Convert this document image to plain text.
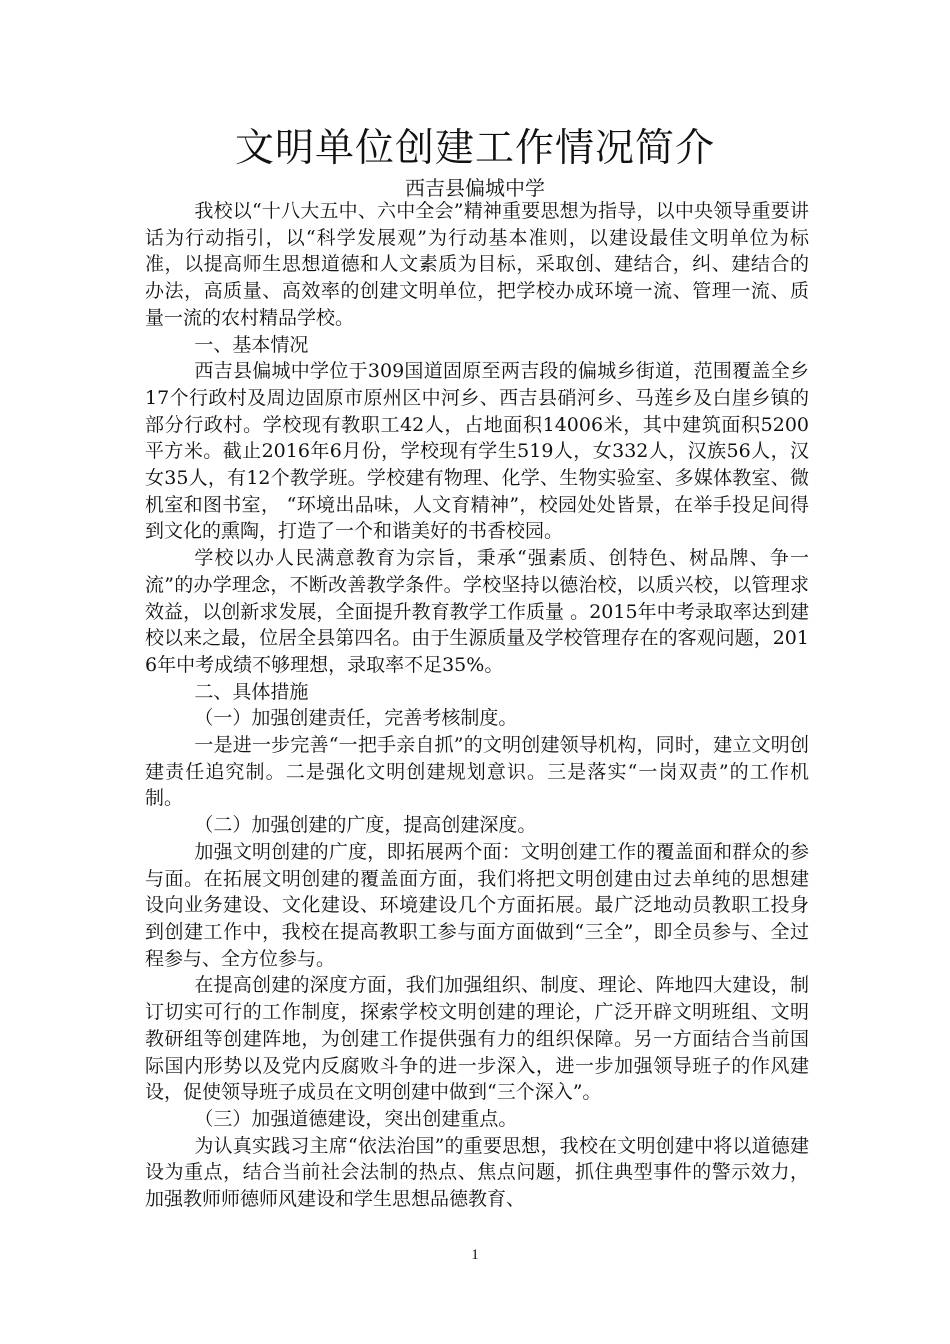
文明单位创建工作情况简介
西吉县偏城中学

我校以“十八大五中、六中全会”精神重要思想为指导，以中央领导重要讲话为行动指引，以“科学发展观”为行动基本准则，以建设最佳文明单位为标准，以提高师生思想道德和人文素质为目标，采取创、建结合，纠、建结合的办法，高质量、高效率的创建文明单位，把学校办成环境一流、管理一流、质量一流的农村精品学校。

一、基本情况

西吉县偏城中学位于309国道固原至两吉段的偏城乡街道，范围覆盖全乡17个行政村及周边固原市原州区中河乡、西吉县硝河乡、马莲乡及白崖乡镇的部分行政村。学校现有教职工42人，占地面积14006米，其中建筑面积5200 平方米。截止2016年6月份，学校现有学生519人，女332人，汉族56人，汉女35人，有12个教学班。学校建有物理、化学、生物实验室、多媒体教室、微机室和图书室， “环境出品味，人文育精神”，校园处处皆景，在举手投足间得到文化的熏陶，打造了一个和谐美好的书香校园。

学校以办人民满意教育为宗旨，秉承“强素质、创特色、树品牌、争一流”的办学理念，不断改善教学条件。学校坚持以德治校，以质兴校，以管理求效益，以创新求发展，全面提升教育教学工作质量 。2015年中考录取率达到建校以来之最，位居全县第四名。由于生源质量及学校管理存在的客观问题，2016年中考成绩不够理想，录取率不足35%。

二、具体措施

（一）加强创建责任，完善考核制度。

一是进一步完善“一把手亲自抓”的文明创建领导机构，同时，建立文明创建责任追究制。二是强化文明创建规划意识。三是落实“一岗双责”的工作机制。

（二）加强创建的广度，提高创建深度。

加强文明创建的广度，即拓展两个面：文明创建工作的覆盖面和群众的参与面。在拓展文明创建的覆盖面方面，我们将把文明创建由过去单纯的思想建设向业务建设、文化建设、环境建设几个方面拓展。最广泛地动员教职工投身到创建工作中，我校在提高教职工参与面方面做到“三全”，即全员参与、全过程参与、全方位参与。

在提高创建的深度方面，我们加强组织、制度、理论、阵地四大建设，制订切实可行的工作制度，探索学校文明创建的理论，广泛开辟文明班组、文明教研组等创建阵地，为创建工作提供强有力的组织保障。另一方面结合当前国际国内形势以及党内反腐败斗争的进一步深入，进一步加强领导班子的作风建设，促使领导班子成员在文明创建中做到“三个深入”。

（三）加强道德建设，突出创建重点。

为认真实践习主席“依法治国”的重要思想，我校在文明创建中将以道德建设为重点，结合当前社会法制的热点、焦点问题，抓住典型事件的警示效力，加强教师师德师风建设和学生思想品德教育、

1
